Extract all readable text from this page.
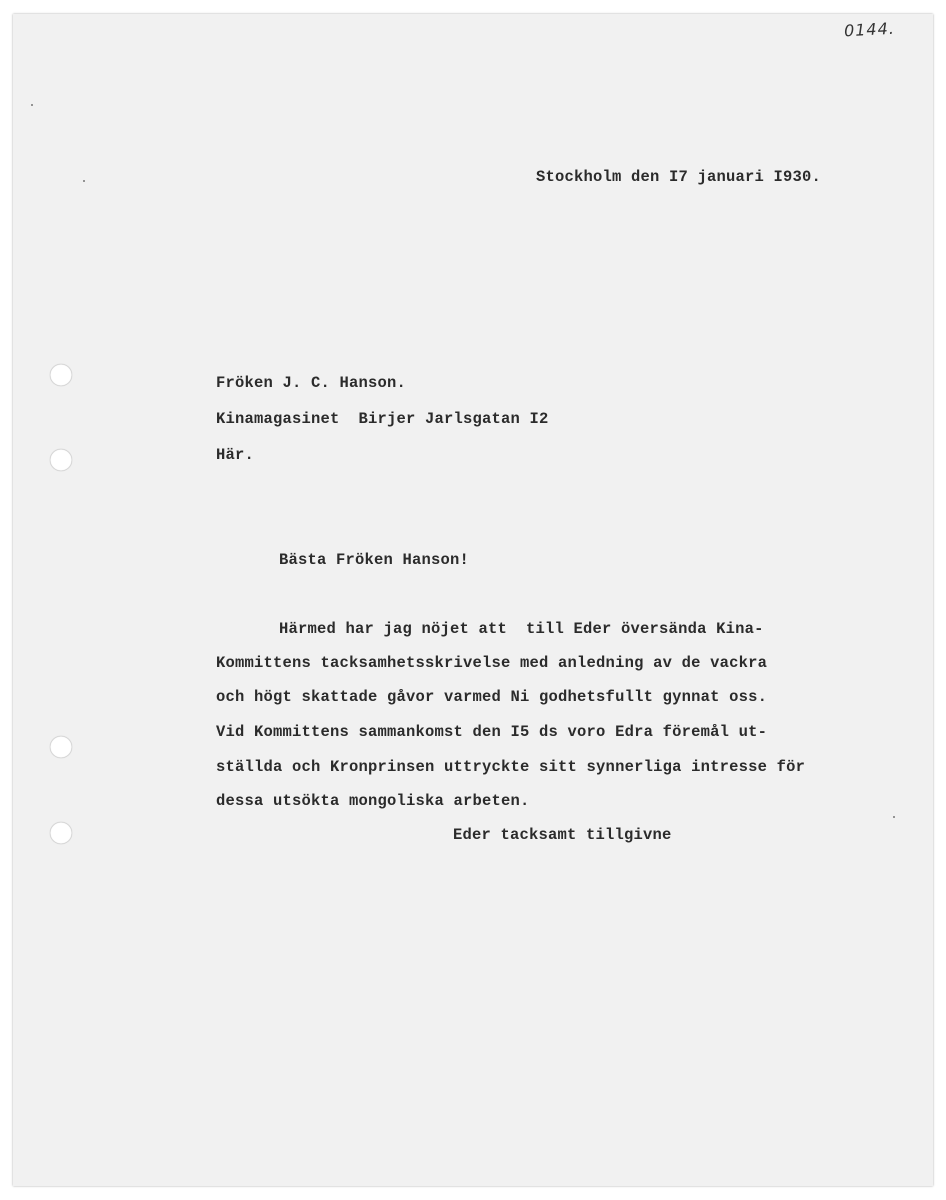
0144.
Stockholm den I7 januari I930.
Fröken J. C. Hanson.
Kinamagasinet  Birjer Jarlsgatan I2
Här.
Bästa Fröken Hanson!
Härmed har jag nöjet att  till Eder översända Kina-
Kommittens tacksamhetsskrivelse med anledning av de vackra
och högt skattade gåvor varmed Ni godhetsfullt gynnat oss.
Vid Kommittens sammankomst den I5 ds voro Edra föremål ut-
ställda och Kronprinsen uttryckte sitt synnerliga intresse för
dessa utsökta mongoliska arbeten.
Eder tacksamt tillgivne
